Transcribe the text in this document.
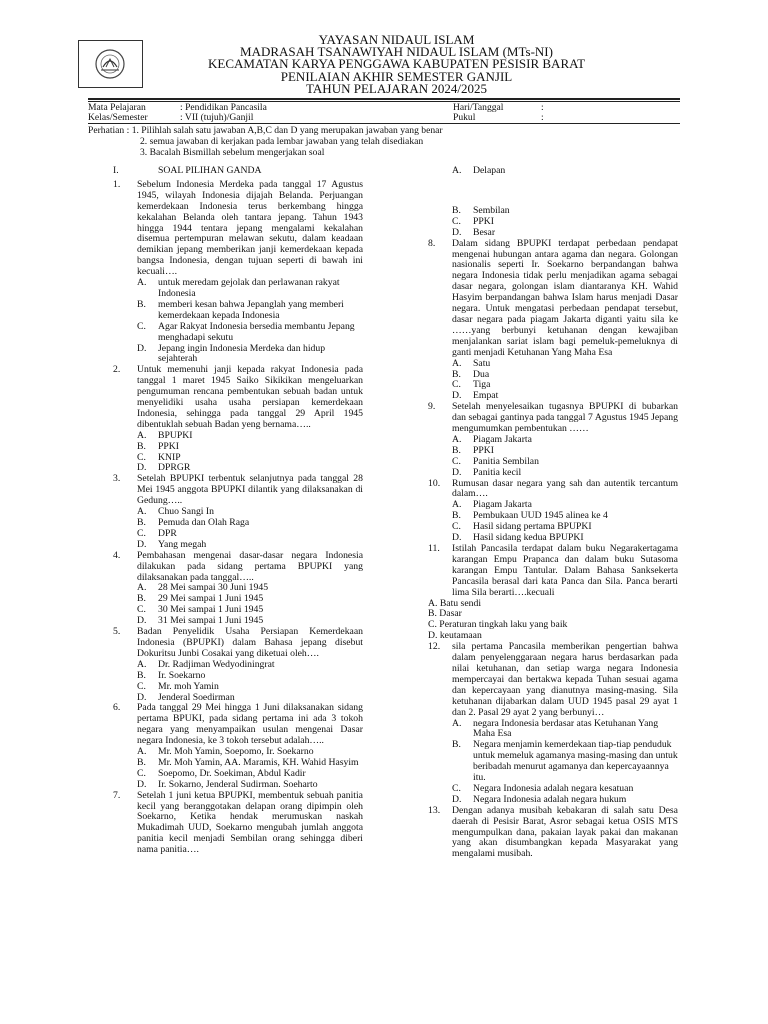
YAYASAN NIDAUL ISLAM
MADRASAH TSANAWIYAH NIDAUL ISLAM (MTs-NI)
KECAMATAN KARYA PENGGAWA KABUPATEN PESISIR BARAT
PENILAIAN AKHIR SEMESTER GANJIL
TAHUN PELAJARAN 2024/2025
Mata Pelajaran	: Pendidikan Pancasila
Kelas/Semester	: VII (tujuh)/Ganjil
Hari/Tanggal	:
Pukul	:
Perhatian : 1. Pilihlah salah satu jawaban A,B,C dan D yang merupakan jawaban yang benar
2. semua jawaban di kerjakan pada lembar jawaban yang telah disediakan
3. Bacalah Bismillah sebelum mengerjakan soal
I.	SOAL PILIHAN GANDA
1.	Sebelum Indonesia Merdeka pada tanggal 17 Agustus 1945, wilayah Indonesia dijajah Belanda. Perjuangan kemerdekaan Indonesia terus berkembang hingga kekalahan Belanda oleh tantara jepang. Tahun 1943 hingga 1944 tentara jepang mengalami kekalahan disemua pertempuran melawan sekutu, dalam keadaan demikian jepang memberikan janji kemerdekaan kepada bangsa Indonesia, dengan tujuan seperti di bawah ini kecuali….
A.	untuk meredam gejolak dan perlawanan rakyat Indonesia
B.	memberi kesan bahwa Jepanglah yang memberi kemerdekaan kepada Indonesia
C.	Agar Rakyat Indonesia bersedia membantu Jepang menghadapi sekutu
D.	Jepang ingin Indonesia Merdeka dan hidup sejahterah
2.	Untuk memenuhi janji kepada rakyat Indonesia pada tanggal 1 maret 1945 Saiko Sikikikan mengeluarkan pengumuman rencana pembentukan sebuah badan untuk menyelidiki usaha usaha persiapan kemerdekaan Indonesia, sehingga pada tanggal 29 April 1945 dibentuklah sebuah Badan yeng bernama…..
A.	BPUPKI
B.	PPKI
C.	KNIP
D.	DPRGR
3.	Setelah BPUPKI terbentuk selanjutnya pada tanggal 28 Mei 1945 anggota BPUPKI dilantik yang dilaksanakan di Gedung…..
A.	Chuo Sangi In
B.	Pemuda dan Olah Raga
C.	DPR
D.	Yang megah
4.	Pembahasan mengenai dasar-dasar negara Indonesia dilakukan pada sidang pertama BPUPKI yang dilaksanakan pada tanggal…..
A.	28 Mei sampai 30 Juni 1945
B.	29 Mei sampai 1 Juni 1945
C.	30 Mei sampai 1 Juni 1945
D.	31 Mei sampai 1 Juni 1945
5.	Badan Penyelidik Usaha Persiapan Kemerdekaan Indonesia (BPUPKI) dalam Bahasa jepang disebut Dokuritsu Junbi Cosakai yang diketuai oleh….
A.	Dr. Radjiman Wedyodiningrat
B.	Ir. Soekarno
C.	Mr. moh Yamin
D.	Jenderal Soedirman
6.	Pada tanggal 29 Mei hingga 1 Juni dilaksanakan sidang pertama BPUKI, pada sidang pertama ini ada 3 tokoh negara yang menyampaikan usulan mengenai Dasar negara Indonesia, ke 3 tokoh tersebut adalah…..
A.	Mr. Moh Yamin, Soepomo, Ir. Soekarno
B.	Mr. Moh Yamin, AA. Maramis, KH. Wahid Hasyim
C.	Soepomo, Dr. Soekiman, Abdul Kadir
D.	Ir. Sokarno, Jenderal Sudirman. Soeharto
7.	Setelah 1 juni ketua BPUPKI, membentuk sebuah panitia kecil yang beranggotakan delapan orang dipimpin oleh Soekarno, Ketika hendak merumuskan naskah Mukadimah UUD, Soekarno mengubah jumlah anggota panitia kecil menjadi Sembilan orang sehingga diberi nama panitia….
A.	Delapan
B.	Sembilan
C.	PPKI
D.	Besar
8.	Dalam sidang BPUPKI terdapat perbedaan pendapat mengenai hubungan antara agama dan negara. Golongan nasionalis seperti Ir. Soekarno berpandangan bahwa negara Indonesia tidak perlu menjadikan agama sebagai dasar negara, golongan islam diantaranya KH. Wahid Hasyim berpandangan bahwa Islam harus menjadi Dasar negara. Untuk mengatasi perbedaan pendapat tersebut, dasar negara pada piagam Jakarta diganti yaitu sila ke ……yang berbunyi ketuhanan dengan kewajiban menjalankan sariat islam bagi pemeluk-pemeluknya di ganti menjadi Ketuhanan Yang Maha Esa
A.	Satu
B.	Dua
C.	Tiga
D.	Empat
9.	Setelah menyelesaikan tugasnya BPUPKI di bubarkan dan sebagai gantinya pada tanggal 7 Agustus 1945 Jepang mengumumkan pembentukan ……
A.	Piagam Jakarta
B.	PPKI
C.	Panitia Sembilan
D.	Panitia kecil
10.	Rumusan dasar negara yang sah dan autentik tercantum dalam….
A.	Piagam Jakarta
B.	Pembukaan UUD 1945 alinea ke 4
C.	Hasil sidang pertama BPUPKI
D.	Hasil sidang kedua BPUPKI
11.	Istilah Pancasila terdapat dalam buku Negarakertagama karangan Empu Prapanca dan dalam buku Sutasoma karangan Empu Tantular. Dalam Bahasa Sanksekerta Pancasila berasal dari kata Panca dan Sila. Panca berarti lima Sila berarti….kecuali
A. Batu sendi
B. Dasar
C. Peraturan tingkah laku yang baik
D. keutamaan
12.	sila pertama Pancasila memberikan pengertian bahwa dalam penyelenggaraan negara harus berdasarkan pada nilai ketuhanan, dan setiap warga negara Indonesia mempercayai dan bertakwa kepada Tuhan sesuai agama dan kepercayaan yang dianutnya masing-masing. Sila ketuhanan dijabarkan dalam UUD 1945 pasal 29 ayat 1 dan 2. Pasal 29 ayat 2 yang berbunyi…
A.	negara Indonesia berdasar atas Ketuhanan Yang Maha Esa
B.	Negara menjamin kemerdekaan tiap-tiap penduduk untuk memeluk agamanya masing-masing dan untuk beribadah menurut agamanya dan kepercayaannya itu.
C.	Negara Indonesia adalah negara kesatuan
D.	Negara Indonesia adalah negara hukum
13.	Dengan adanya musibah kebakaran di salah satu Desa daerah di Pesisir Barat, Asror sebagai ketua OSIS MTS mengumpulkan dana, pakaian layak pakai dan makanan yang akan disumbangkan kepada Masyarakat yang mengalami musibah.
